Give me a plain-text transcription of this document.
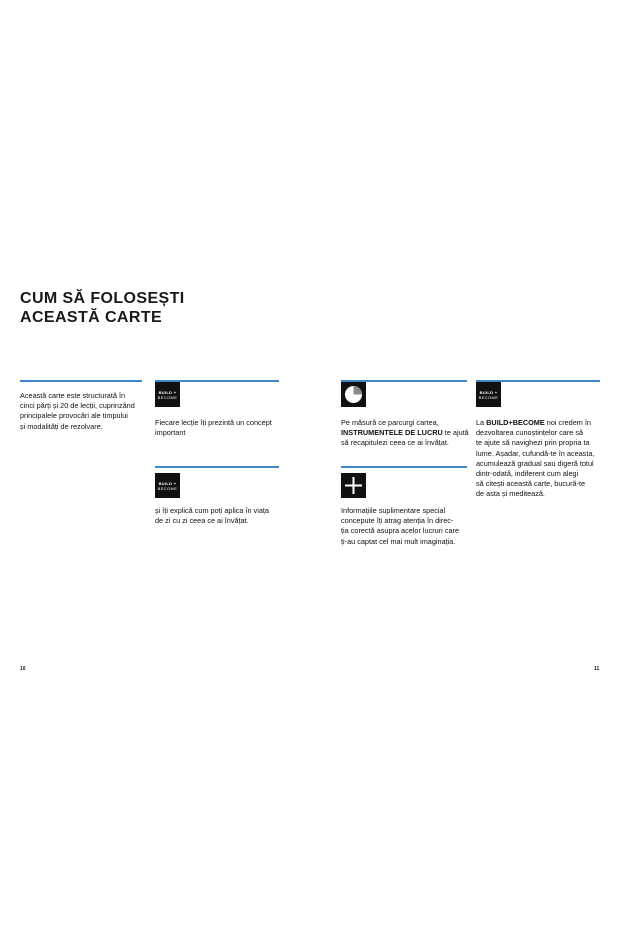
CUM SĂ FOLOSEȘTI
ACEASTĂ CARTE
Această carte este structurată în
cinci părți și 20 de lecții, cuprinzând
principalele provocări ale timpului
și modalități de rezolvare.
BUILD +
BECOME
Fiecare lecție îți prezintă un concept
important
BUILD +
BECOME
și îți explică cum poți aplica în viața
de zi cu zi ceea ce ai învățat.
Pe măsură ce parcurgi cartea,
INSTRUMENTELE DE LUCRU te ajută
să recapitulezi ceea ce ai învățat.
Informațiile suplimentare special
concepute îți atrag atenția în direc-
ția corectă asupra acelor lucruri care
ți-au captat cel mai mult imaginația.
BUILD +
BECOME
La BUILD+BECOME noi credem în
dezvoltarea cunoștințelor care să
te ajute să navighezi prin propria ta
lume. Așadar, cufundă-te în aceasta,
acumulează gradual sau digeră totul
dintr-odată, indiferent cum alegi
să citești această carte, bucură-te
de asta și meditează.
10	11
